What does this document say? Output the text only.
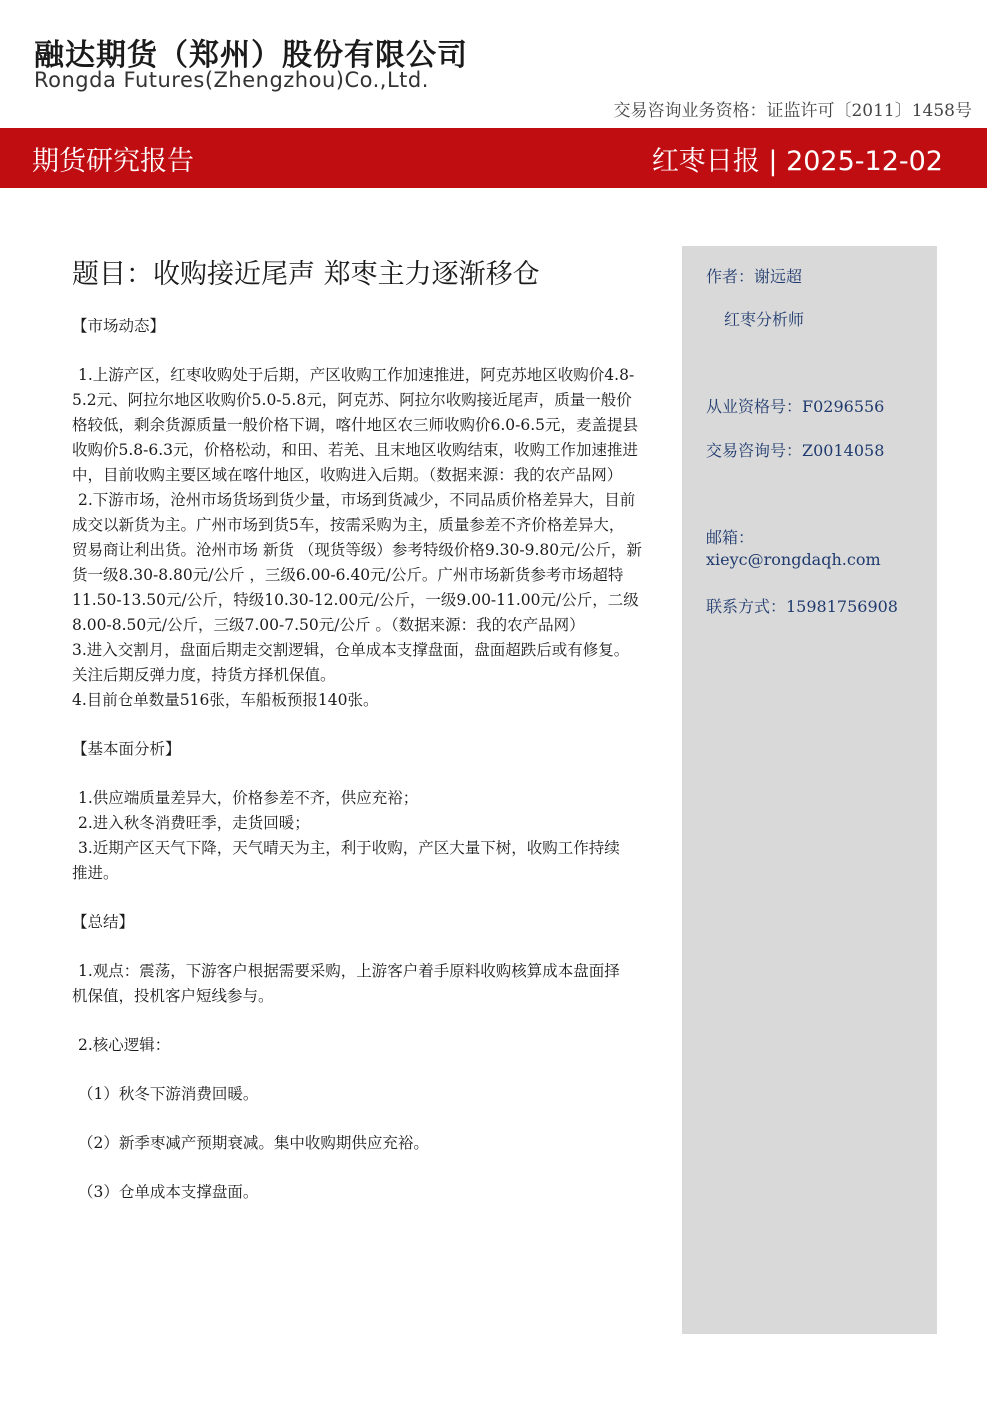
融达期货（郑州）股份有限公司
Rongda Futures(Zhengzhou)Co.,Ltd.
交易咨询业务资格：证监许可〔2011〕1458号
期货研究报告	红枣日报 | 2025-12-02
题目：收购接近尾声 郑枣主力逐渐移仓

【市场动态】

1.上游产区，红枣收购处于后期，产区收购工作加速推进，阿克苏地区收购价4.8-

5.2元、阿拉尔地区收购价5.0-5.8元，阿克苏、阿拉尔收购接近尾声，质量一般价

格较低，剩余货源质量一般价格下调，喀什地区农三师收购价6.0-6.5元，麦盖提县

收购价5.8-6.3元，价格松动，和田、若羌、且末地区收购结束，收购工作加速推进

中，目前收购主要区域在喀什地区，收购进入后期。（数据来源：我的农产品网）

2.下游市场，沧州市场货场到货少量，市场到货减少，不同品质价格差异大，目前

成交以新货为主。广州市场到货5车，按需采购为主，质量参差不齐价格差异大，

贸易商让利出货。沧州市场 新货 （现货等级）参考特级价格9.30-9.80元/公斤，新

货一级8.30-8.80元/公斤 ，三级6.00-6.40元/公斤。广州市场新货参考市场超特

11.50-13.50元/公斤，特级10.30-12.00元/公斤，一级9.00-11.00元/公斤，二级

8.00-8.50元/公斤，三级7.00-7.50元/公斤 。（数据来源：我的农产品网）

3.进入交割月，盘面后期走交割逻辑，仓单成本支撑盘面，盘面超跌后或有修复。

关注后期反弹力度，持货方择机保值。

4.目前仓单数量516张，车船板预报140张。

【基本面分析】

1.供应端质量差异大，价格参差不齐，供应充裕；

2.进入秋冬消费旺季，走货回暖；

3.近期产区天气下降，天气晴天为主，利于收购，产区大量下树，收购工作持续

推进。

【总结】

1.观点：震荡，下游客户根据需要采购，上游客户着手原料收购核算成本盘面择

机保值，投机客户短线参与。

2.核心逻辑：

（1）秋冬下游消费回暖。

（2）新季枣减产预期衰减。集中收购期供应充裕。

（3）仓单成本支撑盘面。

作者：谢远超
红枣分析师
从业资格号：F0296556
交易咨询号：Z0014058
邮箱：
xieyc@rongdaqh.com
联系方式：15981756908
